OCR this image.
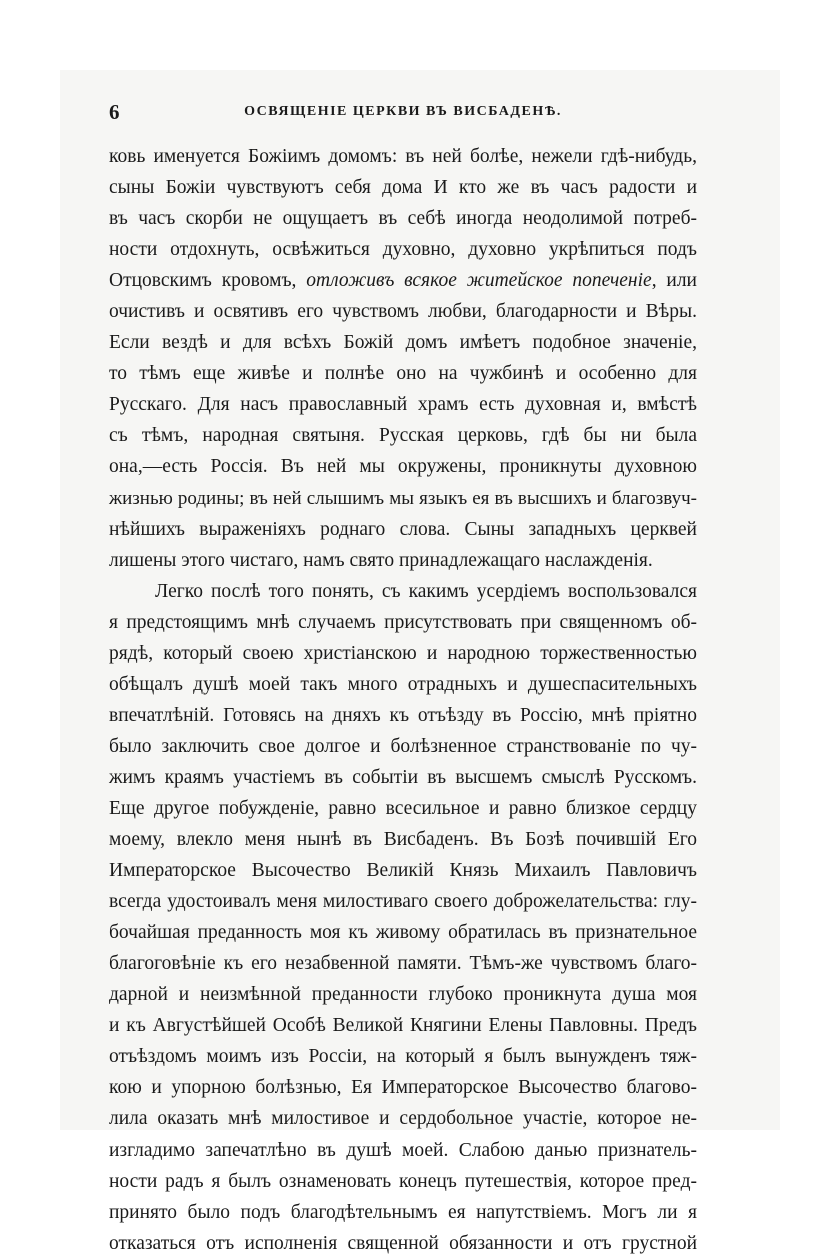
6	ОСВЯЩЕНІЕ ЦЕРКВИ ВЪ ВИСБАДЕНѢ.
ковь именуется Божіимъ домомъ: въ ней болѣе, нежели гдѣ-нибудь,
сыны Божіи чувствуютъ себя дома И кто же въ часъ радости и
въ часъ скорби не ощущаетъ въ себѣ иногда неодолимой потреб-
ности отдохнуть, освѣжиться духовно, духовно укрѣпиться подъ
Отцовскимъ кровомъ, отложивъ всякое житейское попеченіе, или
очистивъ и освятивъ его чувствомъ любви, благодарности и Вѣры.
Если вездѣ и для всѣхъ Божій домъ имѣетъ подобное значеніе,
то тѣмъ еще живѣе и полнѣе оно на чужбинѣ и особенно для
Русскаго. Для насъ православный храмъ есть духовная и, вмѣстѣ
съ тѣмъ, народная святыня. Русская церковь, гдѣ бы ни была
она,—есть Россія. Въ ней мы окружены, проникнуты духовною
жизнью родины; въ ней слышимъ мы языкъ ея въ высшихъ и благозвуч-
нѣйшихъ выраженіяхъ роднаго слова. Сыны западныхъ церквей
лишены этого чистаго, намъ свято принадлежащаго наслажденія.
Легко послѣ того понять, съ какимъ усердіемъ воспользовался
я предстоящимъ мнѣ случаемъ присутствовать при священномъ об-
рядѣ, который своею христіанскою и народною торжественностью
обѣщалъ душѣ моей такъ много отрадныхъ и душеспасительныхъ
впечатлѣній. Готовясь на дняхъ къ отъѣзду въ Россію, мнѣ пріятно
было заключить свое долгое и болѣзненное странствованіе по чу-
жимъ краямъ участіемъ въ событіи въ высшемъ смыслѣ Русскомъ.
Еще другое побужденіе, равно всесильное и равно близкое сердцу
моему, влекло меня нынѣ въ Висбаденъ. Въ Бозѣ почившій Его
Императорское Высочество Великій Князь Михаилъ Павловичъ
всегда удостоивалъ меня милостиваго своего доброжелательства: глу-
бочайшая преданность моя къ живому обратилась въ признательное
благоговѣніе къ его незабвенной памяти. Тѣмъ-же чувствомъ благо-
дарной и неизмѣнной преданности глубоко проникнута душа моя
и къ Августѣйшей Особѣ Великой Княгини Елены Павловны. Предъ
отъѣздомъ моимъ изъ Россіи, на который я былъ вынужденъ тяж-
кою и упорною болѣзнью, Ея Императорское Высочество благово-
лила оказать мнѣ милостивое и сердобольное участіе, которое не-
изгладимо запечатлѣно въ душѣ моей. Слабою данью признатель-
ности радъ я былъ ознаменовать конецъ путешествія, которое пред-
принято было подъ благодѣтельнымъ ея напутствіемъ. Могъ ли я
отказаться отъ исполненія священной обязанности и отъ грустной
